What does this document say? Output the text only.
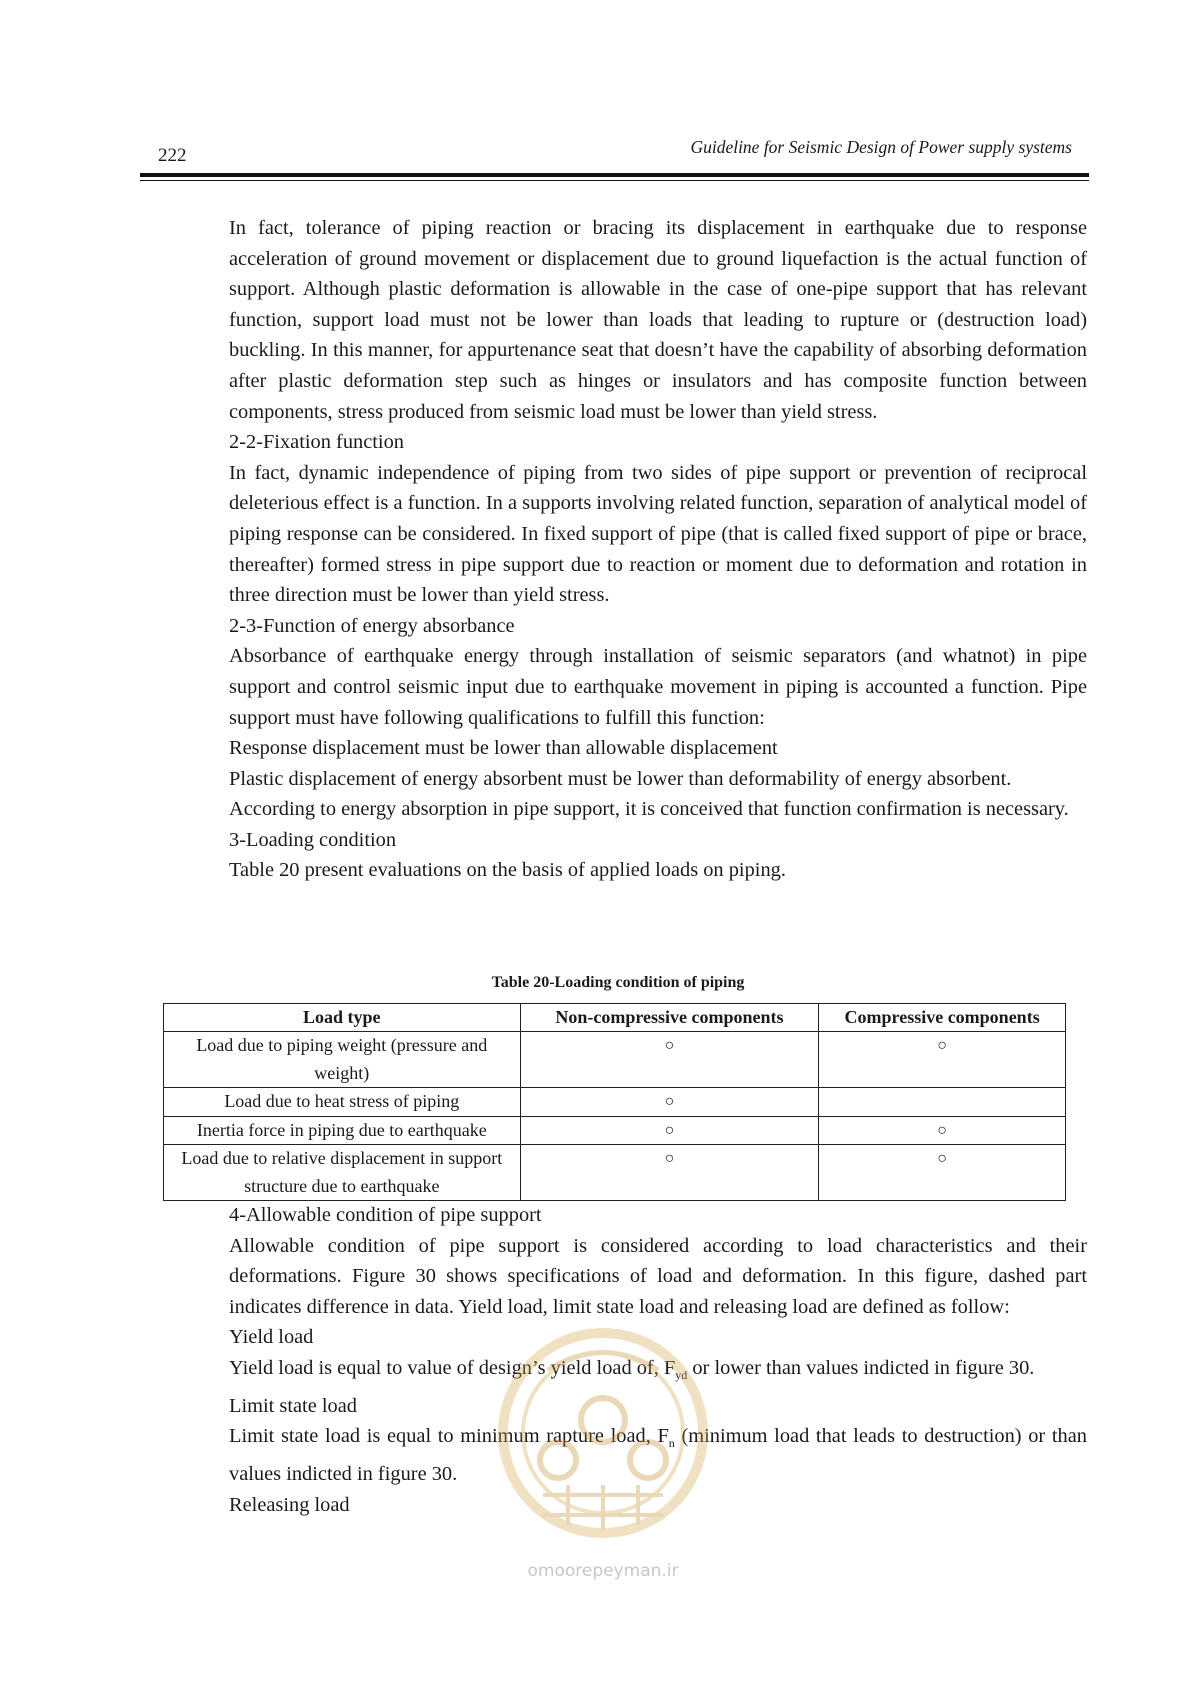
222	Guideline for Seismic Design of Power supply systems

In fact, tolerance of piping reaction or bracing its displacement in earthquake due to response acceleration of ground movement or displacement due to ground liquefaction is the actual function of support. Although plastic deformation is allowable in the case of one-pipe support that has relevant function, support load must not be lower than loads that leading to rupture or (destruction load) buckling. In this manner, for appurtenance seat that doesn’t have the capability of absorbing deformation after plastic deformation step such as hinges or insulators and has composite function between components, stress produced from seismic load must be lower than yield stress.

2-2-Fixation function

In fact, dynamic independence of piping from two sides of pipe support or prevention of reciprocal deleterious effect is a function. In a supports involving related function, separation of analytical model of piping response can be considered. In fixed support of pipe (that is called fixed support of pipe or brace, thereafter) formed stress in pipe support due to reaction or moment due to deformation and rotation in three direction must be lower than yield stress.

2-3-Function of energy absorbance

Absorbance of earthquake energy through installation of seismic separators (and whatnot) in pipe support and control seismic input due to earthquake movement in piping is accounted a function. Pipe support must have following qualifications to fulfill this function:

Response displacement must be lower than allowable displacement

Plastic displacement of energy absorbent must be lower than deformability of energy absorbent.

According to energy absorption in pipe support, it is conceived that function confirmation is necessary.

3-Loading condition

Table 20 present evaluations on the basis of applied loads on piping.

Table 20-Loading condition of piping
Load type	Non-compressive components	Compressive components
Load due to piping weight (pressure and weight)	○	○
Load due to heat stress of piping	○	
Inertia force in piping due to earthquake	○	○
Load due to relative displacement in support structure due to earthquake	○	○

4-Allowable condition of pipe support

Allowable condition of pipe support is considered according to load characteristics and their deformations. Figure 30 shows specifications of load and deformation. In this figure, dashed part indicates difference in data. Yield load, limit state load and releasing load are defined as follow:

Yield load

Yield load is equal to value of design’s yield load of, $F_{yd}$ or lower than values indicted in figure 30.

Limit state load

Limit state load is equal to minimum rapture load, $F_n$ (minimum load that leads to destruction) or than values indicted in figure 30.

Releasing load

omoorepeyman.ir
